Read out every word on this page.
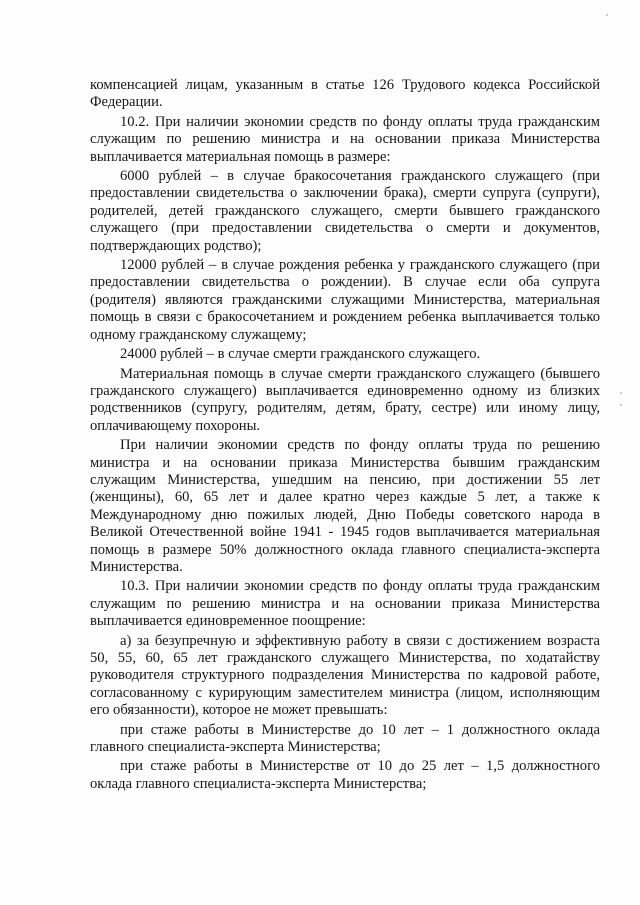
компенсацией лицам, указанным в статье 126 Трудового кодекса Российской Федерации.

10.2. При наличии экономии средств по фонду оплаты труда гражданским служащим по решению министра и на основании приказа Министерства выплачивается материальная помощь в размере:

6000 рублей – в случае бракосочетания гражданского служащего (при предоставлении свидетельства о заключении брака), смерти супруга (супруги), родителей, детей гражданского служащего, смерти бывшего гражданского служащего (при предоставлении свидетельства о смерти и документов, подтверждающих родство);

12000 рублей – в случае рождения ребенка у гражданского служащего (при предоставлении свидетельства о рождении). В случае если оба супруга (родителя) являются гражданскими служащими Министерства, материальная помощь в связи с бракосочетанием и рождением ребенка выплачивается только одному гражданскому служащему;

24000 рублей – в случае смерти гражданского служащего.

Материальная помощь в случае смерти гражданского служащего (бывшего гражданского служащего) выплачивается единовременно одному из близких родственников (супругу, родителям, детям, брату, сестре) или иному лицу, оплачивающему похороны.

При наличии экономии средств по фонду оплаты труда по решению министра и на основании приказа Министерства бывшим гражданским служащим Министерства, ушедшим на пенсию, при достижении 55 лет (женщины), 60, 65 лет и далее кратно через каждые 5 лет, а также к Международному дню пожилых людей, Дню Победы советского народа в Великой Отечественной войне 1941 - 1945 годов выплачивается материальная помощь в размере 50% должностного оклада главного специалиста-эксперта Министерства.

10.3. При наличии экономии средств по фонду оплаты труда гражданским служащим по решению министра и на основании приказа Министерства выплачивается единовременное поощрение:

а) за безупречную и эффективную работу в связи с достижением возраста 50, 55, 60, 65 лет гражданского служащего Министерства, по ходатайству руководителя структурного подразделения Министерства по кадровой работе, согласованному с курирующим заместителем министра (лицом, исполняющим его обязанности), которое не может превышать:

при стаже работы в Министерстве до 10 лет – 1 должностного оклада главного специалиста-эксперта Министерства;

при стаже работы в Министерстве от 10 до 25 лет – 1,5 должностного оклада главного специалиста-эксперта Министерства;
